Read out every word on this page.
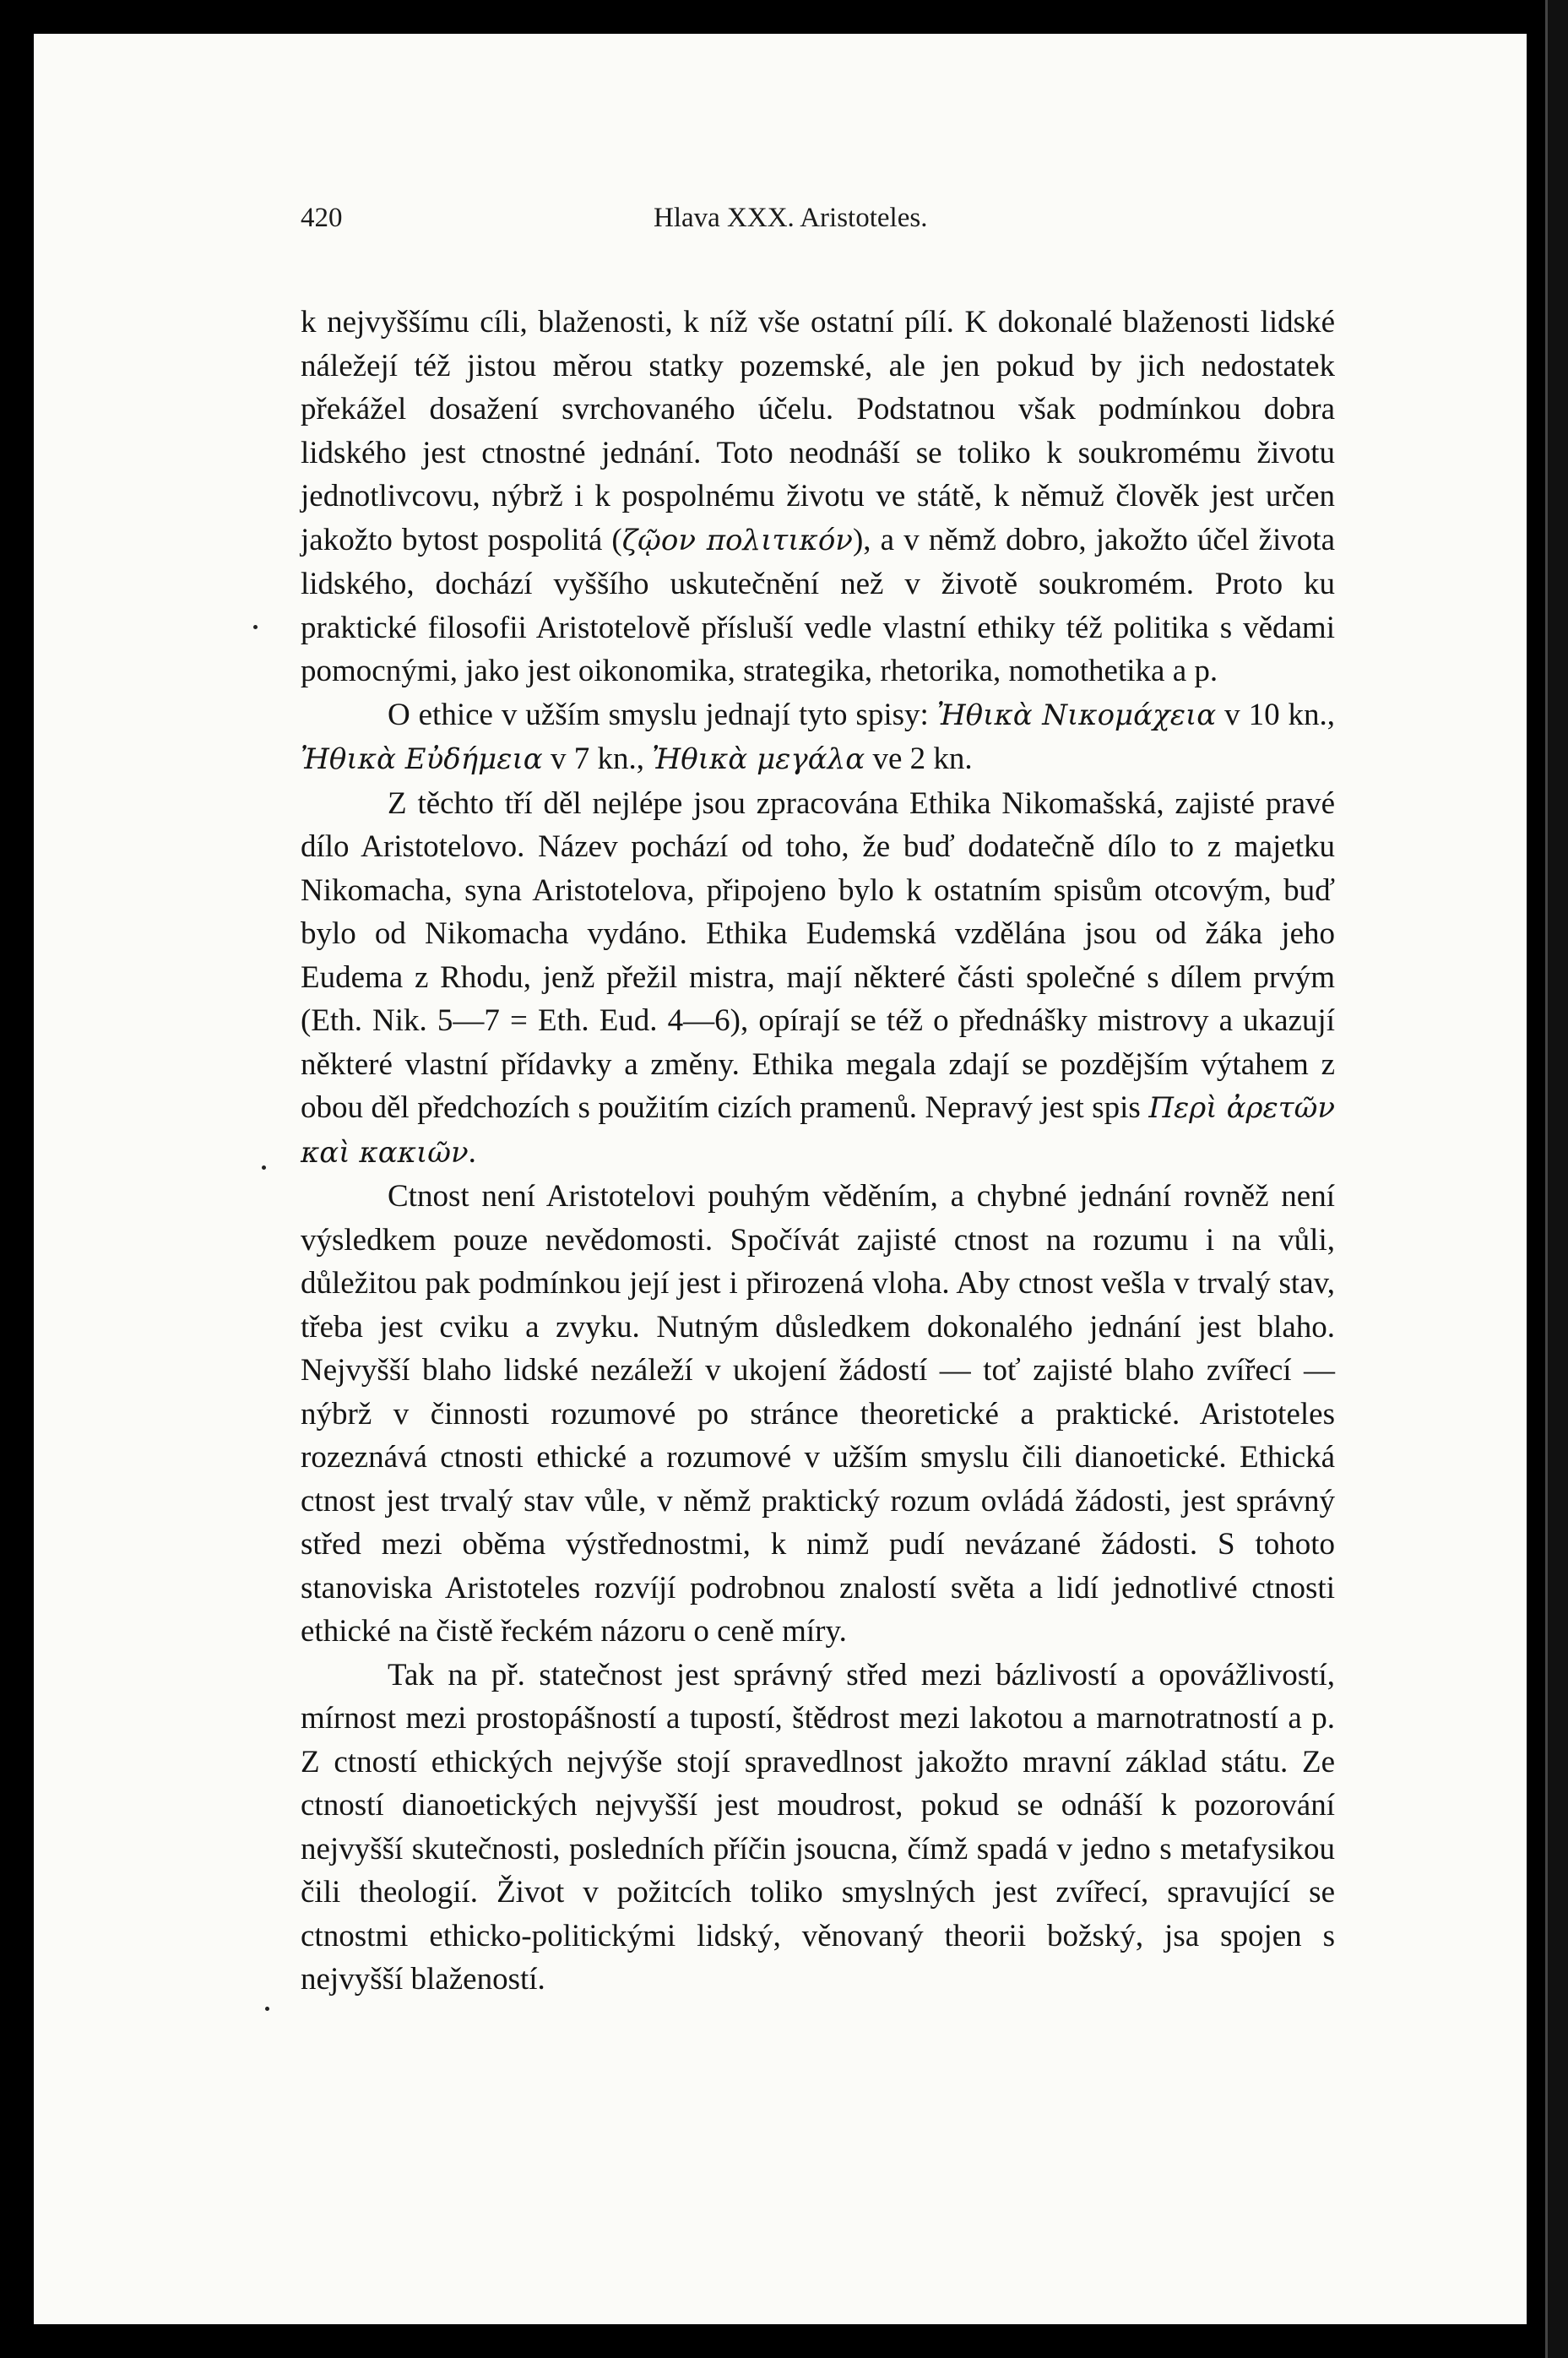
420	Hlava XXX. Aristoteles.

k nejvyššímu cíli, blaženosti, k níž vše ostatní pílí. K dokonalé blaženosti lidské náležejí též jistou měrou statky pozemské, ale jen pokud by jich nedostatek překážel dosažení svrchovaného účelu. Podstatnou však podmínkou dobra lidského jest ctnostné jednání. Toto neodnáší se toliko k soukromému životu jednotlivcovu, nýbrž i k pospolnému životu ve státě, k němuž člověk jest určen jakožto bytost pospolitá (ζῷον πολιτικόν), a v němž dobro, jakožto účel života lidského, dochází vyššího uskutečnění než v životě soukromém. Proto ku praktické filosofii Aristotelově přísluší vedle vlastní ethiky též politika s vědami pomocnými, jako jest oikonomika, strategika, rhetorika, nomothetika a p.

O ethice v užším smyslu jednají tyto spisy: Ἠθικὰ Νικομάχεια v 10 kn., Ἠθικὰ Εὐδήμεια v 7 kn., Ἠθικὰ μεγάλα ve 2 kn.

Z těchto tří děl nejlépe jsou zpracována Ethika Nikomašská, zajisté pravé dílo Aristotelovo. Název pochází od toho, že buď dodatečně dílo to z majetku Nikomacha, syna Aristotelova, připojeno bylo k ostatním spisům otcovým, buď bylo od Nikomacha vydáno. Ethika Eudemská vzdělána jsou od žáka jeho Eudema z Rhodu, jenž přežil mistra, mají některé části společné s dílem prvým (Eth. Nik. 5—7 = Eth. Eud. 4—6), opírají se též o přednášky mistrovy a ukazují některé vlastní přídavky a změny. Ethika megala zdají se pozdějším výtahem z obou děl předchozích s použitím cizích pramenů. Nepravý jest spis Περὶ ἀρετῶν καὶ κακιῶν.

Ctnost není Aristotelovi pouhým věděním, a chybné jednání rovněž není výsledkem pouze nevědomosti. Spočívát zajisté ctnost na rozumu i na vůli, důležitou pak podmínkou její jest i přirozená vloha. Aby ctnost vešla v trvalý stav, třeba jest cviku a zvyku. Nutným důsledkem dokonalého jednání jest blaho. Nejvyšší blaho lidské nezáleží v ukojení žádostí — toť zajisté blaho zvířecí — nýbrž v činnosti rozumové po stránce theoretické a praktické. Aristoteles rozeznává ctnosti ethické a rozumové v užším smyslu čili dianoetické. Ethická ctnost jest trvalý stav vůle, v němž praktický rozum ovládá žádosti, jest správný střed mezi oběma výstřednostmi, k nimž pudí nevázané žádosti. S tohoto stanoviska Aristoteles rozvíjí podrobnou znalostí světa a lidí jednotlivé ctnosti ethické na čistě řeckém názoru o ceně míry.

Tak na př. statečnost jest správný střed mezi bázlivostí a opovážlivostí, mírnost mezi prostopášností a tupostí, štědrost mezi lakotou a marnotratností a p. Z ctností ethických nejvýše stojí spravedlnost jakožto mravní základ státu. Ze ctností dianoetických nejvyšší jest moudrost, pokud se odnáší k pozorování nejvyšší skutečnosti, posledních příčin jsoucna, čímž spadá v jedno s metafysikou čili theologií. Život v požitcích toliko smyslných jest zvířecí, spravující se ctnostmi ethicko-politickými lidský, věnovaný theorii božský, jsa spojen s nejvyšší blažeností.
